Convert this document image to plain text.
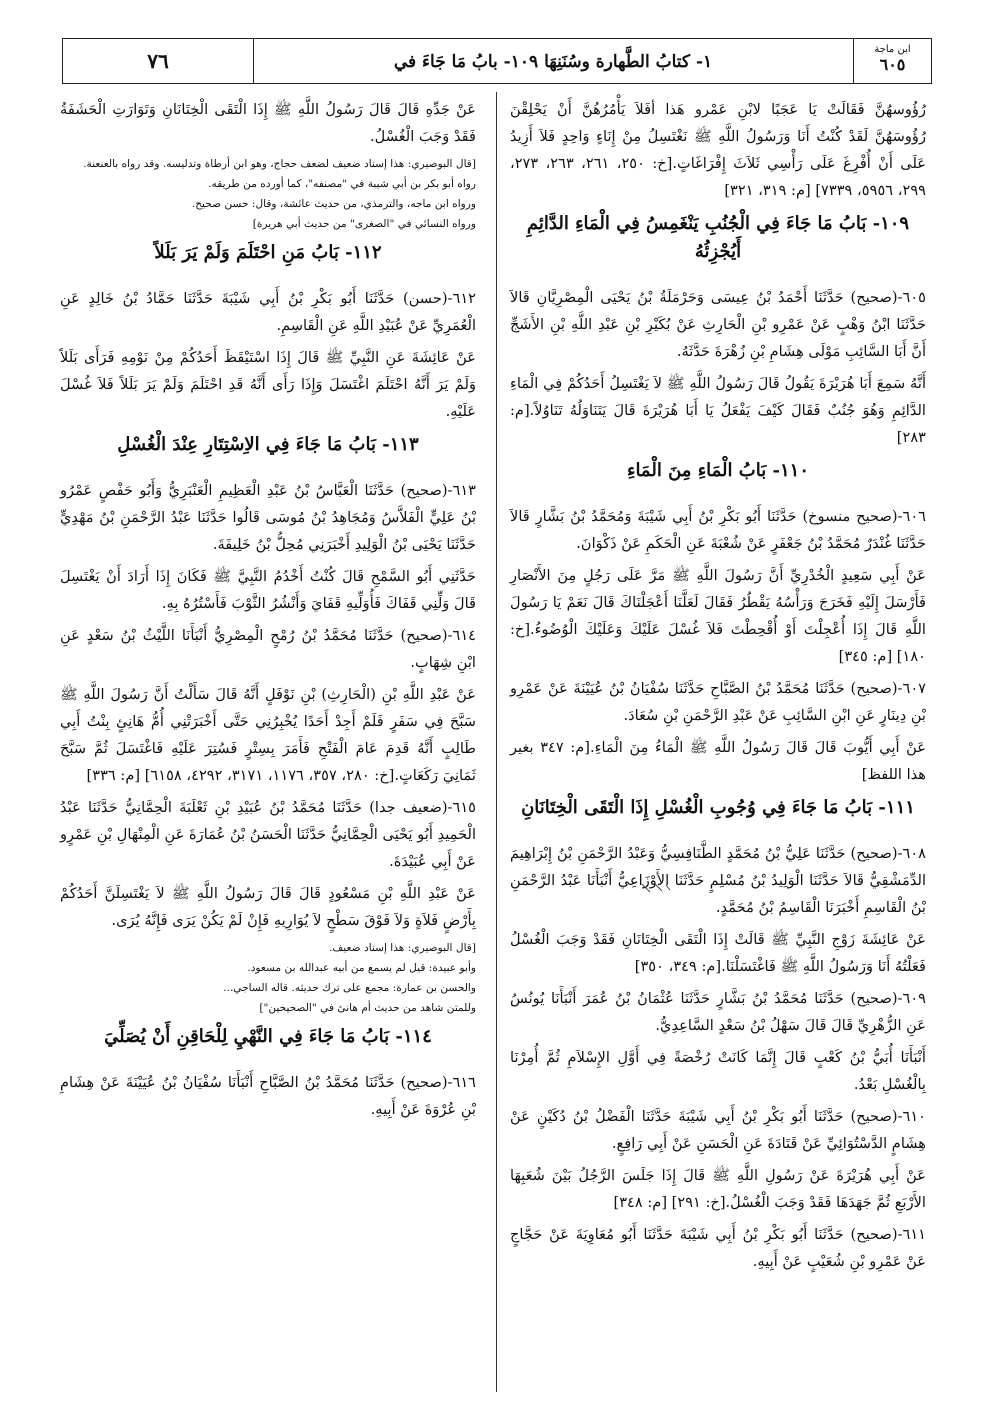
٧٦	١- كتابُ الطَّهارة وسُنَنِهَا ١٠٩- بابُ مَا جَاءَ في
ابن ماجة
٦٠٥

رُؤُوسهُنَّ فَقَالَتْ يَا عَجَبًا لابْنِ عَمْرو هَذا أفَلاَ يَأْمُرُهُنَّ أَنْ يَحْلِقْنَ رُؤُوسَهُنَّ لَقَدْ كُنْتُ أَنَا وَرَسُولُ اللَّهِ ﷺ نَغْتَسِلُ مِنْ إِنَاءٍ وَاحِدٍ فَلاَ أَزِيدُ عَلَى أَنْ أُفْرِغَ عَلَى رَأْسِي ثَلاَثَ إِفْرَاغَاتٍ.[خ: ٢٥٠، ٢٦١، ٢٦٣، ٢٧٣، ٢٩٩، ٥٩٥٦، ٧٣٣٩] [م: ٣١٩، ٣٢١]

١٠٩- بَابُ مَا جَاءَ فِي الْجُنُبِ يَنْغَمِسُ فِي الْمَاءِ الدَّائِمِ أَيُجْزِئُهُ

٦٠٥-(صحيح) حَدَّثَنَا أَحْمَدُ بْنُ عِيسَى وَحَرْمَلَةُ بْنُ يَحْيَى الْمِصْرِيَّانِ قَالاَ حَدَّثَنَا ابْنُ وَهْبٍ عَنْ عَمْرِو بْنِ الْحَارِثِ عَنْ بُكَيْرِ بْنِ عَبْدِ اللَّهِ بْنِ الأَشَجِّ أَنَّ أَبَا السَّائِبِ مَوْلَى هِشَامِ بْنِ زُهْرَةَ حَدَّثَهُ.

أَنَّهُ سَمِعَ أَبَا هُرَيْرَةَ يَقُولُ قَالَ رَسُولُ اللَّهِ ﷺ لاَ يَغْتَسِلُ أَحَدُكُمْ فِي الْمَاءِ الدَّائِمِ وَهُوَ جُنُبٌ فَقَالَ كَيْفَ يَفْعَلُ يَا أَبَا هُرَيْرَةَ قَالَ يَتَنَاوَلُهُ تَنَاوُلاً.[م: ٢٨٣]

١١٠- بَابُ الْمَاءِ مِنَ الْمَاءِ

٦٠٦-(صحيح منسوخ) حَدَّثَنَا أَبُو بَكْرِ بْنُ أَبِي شَيْبَةَ وَمُحَمَّدُ بْنُ بَشَّارٍ قَالاَ حَدَّثَنَا غُنْدَرٌ مُحَمَّدُ بْنُ جَعْفَرٍ عَنْ شُعْبَةَ عَنِ الْحَكَمِ عَنْ ذَكْوَانَ.

عَنْ أَبِي سَعِيدٍ الْخُدْرِيِّ أَنَّ رَسُولَ اللَّهِ ﷺ مَرَّ عَلَى رَجُلٍ مِنَ الأَنْصَارِ فَأَرْسَلَ إِلَيْهِ فَخَرَجَ وَرَأْسُهُ يَقْطُرُ فَقَالَ لَعَلَّنَا أَعْجَلْنَاكَ قَالَ نَعَمْ يَا رَسُولَ اللَّهِ قَالَ إِذَا أُعْجِلْتَ أَوْ أُقْحِطْتَ فَلاَ غُسْلَ عَلَيْكَ وَعَلَيْكَ الْوُضُوءُ.[خ: ١٨٠] [م: ٣٤٥]

٦٠٧-(صحيح) حَدَّثَنَا مُحَمَّدُ بْنُ الصَّبَّاحِ حَدَّثَنَا سُفْيَانُ بْنُ عُيَيْنَةَ عَنْ عَمْرِو بْنِ دِينَارٍ عَنِ ابْنِ السَّائِبِ عَنْ عَبْدِ الرَّحْمَنِ بْنِ سُعَادَ.

عَنْ أَبِي أَيُّوبَ قَالَ قَالَ رَسُولُ اللَّهِ ﷺ الْمَاءُ مِنَ الْمَاءِ.[م: ٣٤٧ بغير هذا اللفظ]

١١١- بَابُ مَا جَاءَ فِي وُجُوبِ الْغُسْلِ إِذَا الْتَقَى الْخِتَانَانِ

٦٠٨-(صحيح) حَدَّثَنَا عَلِيُّ بْنُ مُحَمَّدٍ الطَّنَافِسِيُّ وَعَبْدُ الرَّحْمَنِ بْنُ إِبْرَاهِيمَ الدِّمَشْقِيُّ قَالاَ حَدَّثَنَا الْوَلِيدُ بْنُ مُسْلِمٍ حَدَّثَنَا الأَوْزَاعِيُّ أَنْبَأَنَا عَبْدُ الرَّحْمَنِ بْنُ الْقَاسِمِ أَخْبَرَنَا الْقَاسِمُ بْنُ مُحَمَّدٍ.

عَنْ عَائِشَةَ زَوْجِ النَّبِيِّ ﷺ قَالَتْ إِذَا الْتَقَى الْخِتَانَانِ فَقَدْ وَجَبَ الْغُسْلُ فَعَلْتُهُ أَنَا وَرَسُولُ اللَّهِ ﷺ فَاغْتَسَلْنَا.[م: ٣٤٩، ٣٥٠]

٦٠٩-(صحيح) حَدَّثَنَا مُحَمَّدُ بْنُ بَشَّارٍ حَدَّثَنَا عُثْمَانُ بْنُ عُمَرَ أَنْبَأَنَا يُونُسُ عَنِ الزُّهْرِيِّ قَالَ قَالَ سَهْلُ بْنُ سَعْدٍ السَّاعِدِيُّ.

أَنْبَأَنَا أُبَيُّ بْنُ كَعْبٍ قَالَ إِنَّمَا كَانَتْ رُخْصَةً فِي أَوَّلِ الإِسْلاَمِ ثُمَّ أُمِرْنَا بِالْغُسْلِ بَعْدُ.

٦١٠-(صحيح) حَدَّثَنَا أَبُو بَكْرِ بْنُ أَبِي شَيْبَةَ حَدَّثَنَا الْفَضْلُ بْنُ دُكَيْنٍ عَنْ هِشَامٍ الدَّسْتُوَائِيِّ عَنْ قَتَادَةَ عَنِ الْحَسَنِ عَنْ أَبِي رَافِعٍ.

عَنْ أَبِي هُرَيْرَةَ عَنْ رَسُولِ اللَّهِ ﷺ قَالَ إِذَا جَلَسَ الرَّجُلُ بَيْنَ شُعَبِهَا الأَرْبَعِ ثُمَّ جَهَدَهَا فَقَدْ وَجَبَ الْغُسْلُ.[خ: ٢٩١] [م: ٣٤٨]

٦١١-(صحيح) حَدَّثَنَا أَبُو بَكْرِ بْنُ أَبِي شَيْبَةَ حَدَّثَنَا أَبُو مُعَاوِيَةَ عَنْ حَجَّاجٍ عَنْ عَمْرِو بْنِ شُعَيْبٍ عَنْ أَبِيهِ.

عَنْ جَدِّهِ قَالَ قَالَ رَسُولُ اللَّهِ ﷺ إِذَا الْتَقَى الْخِتَانَانِ وَتَوَارَتِ الْحَشَفَةُ فَقَدْ وَجَبَ الْغُسْلُ.

[قال البوصيري: هذا إسناد ضعيف لضعف حجاج، وهو ابن أرطاة وتدليسه. وقد رواه بالعنعنة.

رواه أبو بكر بن أبي شيبة في "مصنفه"، كما أورده من طريقه.

ورواه ابن ماجه، والترمذي، من حديث عائشة، وقال: حسن صحيح.

ورواه النسائي في "الصغرى" من حديث أبي هريرة]

١١٢- بَابُ مَنِ احْتَلَمَ وَلَمْ يَرَ بَلَلاً

٦١٢-(حسن) حَدَّثَنَا أَبُو بَكْرِ بْنُ أَبِي شَيْبَةَ حَدَّثَنَا حَمَّادُ بْنُ خَالِدٍ عَنِ الْعُمَرِيِّ عَنْ عُبَيْدِ اللَّهِ عَنِ الْقَاسِمِ.

عَنْ عَائِشَةَ عَنِ النَّبِيِّ ﷺ قَالَ إِذَا اسْتَيْقَظَ أَحَدُكُمْ مِنْ نَوْمِهِ فَرَأَى بَلَلاً وَلَمْ يَرَ أَنَّهُ احْتَلَمَ اغْتَسَلَ وَإِذَا رَأَى أَنَّهُ قَدِ احْتَلَمَ وَلَمْ يَرَ بَلَلاً فَلاَ غُسْلَ عَلَيْهِ.

١١٣- بَابُ مَا جَاءَ فِي الاِسْتِتَارِ عِنْدَ الْغُسْلِ

٦١٣-(صحيح) حَدَّثَنَا الْعَبَّاسُ بْنُ عَبْدِ الْعَظِيمِ الْعَنْبَرِيُّ وَأَبُو حَفْصٍ عَمْرُو بْنُ عَلِيٍّ الْفَلاَّسُ وَمُجَاهِدُ بْنُ مُوسَى قَالُوا حَدَّثَنَا عَبْدُ الرَّحْمَنِ بْنُ مَهْدِيٍّ حَدَّثَنَا يَحْيَى بْنُ الْوَلِيدِ أَخْبَرَنِي مُحِلُّ بْنُ خَلِيفَةَ.

حَدَّثَنِي أَبُو السَّمْحِ قَالَ كُنْتُ أَخْدُمُ النَّبِيَّ ﷺ فَكَانَ إِذَا أَرَادَ أَنْ يَغْتَسِلَ قَالَ وَلِّنِي قَفَاكَ فَأُوَلِّيهِ قَفَايَ وَأَنْشُرُ الثَّوْبَ فَأَسْتُرُهُ بِهِ.

٦١٤-(صحيح) حَدَّثَنَا مُحَمَّدُ بْنُ رُمْحٍ الْمِصْرِيُّ أَنْبَأَنَا اللَّيْثُ بْنُ سَعْدٍ عَنِ ابْنِ شِهَابٍ.

عَنْ عَبْدِ اللَّهِ بْنِ (الْحَارِثِ) بْنِ نَوْفَلٍ أَنَّهُ قَالَ سَأَلْتُ أَنَّ رَسُولَ اللَّهِ ﷺ سَبَّحَ فِي سَفَرٍ فَلَمْ أَجِدْ أَحَدًا يُخْبِرُنِي حَتَّى أَخْبَرَتْنِي أُمُّ هَانِئٍ بِنْتُ أَبِي طَالِبٍ أَنَّهُ قَدِمَ عَامَ الْفَتْحِ فَأَمَرَ بِسِتْرٍ فَسُتِرَ عَلَيْهِ فَاغْتَسَلَ ثُمَّ سَبَّحَ ثَمَانِيَ رَكَعَاتٍ.[خ: ٢٨٠، ٣٥٧، ١١٧٦، ٣١٧١، ٤٢٩٢، ٦١٥٨] [م: ٣٣٦]

٦١٥-(ضعيف جدا) حَدَّثَنَا مُحَمَّدُ بْنُ عُبَيْدِ بْنِ ثَعْلَبَةَ الْحِمَّانِيُّ حَدَّثَنَا عَبْدُ الْحَمِيدِ أَبُو يَحْيَى الْحِمَّانِيُّ حَدَّثَنَا الْحَسَنُ بْنُ عُمَارَةَ عَنِ الْمِنْهَالِ بْنِ عَمْرٍو عَنْ أَبِي عُبَيْدَةَ.

عَنْ عَبْدِ اللَّهِ بْنِ مَسْعُودٍ قَالَ قَالَ رَسُولُ اللَّهِ ﷺ لاَ يَغْتَسِلَنَّ أَحَدُكُمْ بِأَرْضٍ فَلاَةٍ وَلاَ فَوْقَ سَطْحٍ لاَ يُوَارِيهِ فَإِنْ لَمْ يَكُنْ يَرَى فَإِنَّهُ يُرَى.

[قال البوصيري: هذا إسناد ضعيف.

وأبو عبيدة: قيل لم يسمع من أبيه عبدالله بن مسعود.

والحسن بن عمارة: مجمع على ترك حديثه. قاله الساجي...

وللمتن شاهد من حديث أم هانئ في "الصحيحين"]

١١٤- بَابُ مَا جَاءَ فِي النَّهْيِ لِلْحَاقِنِ أَنْ يُصَلِّيَ

٦١٦-(صحيح) حَدَّثَنَا مُحَمَّدُ بْنُ الصَّبَّاحِ أَنْبَأَنَا سُفْيَانُ بْنُ عُيَيْنَةَ عَنْ هِشَامِ بْنِ عُرْوَةَ عَنْ أَبِيهِ.
